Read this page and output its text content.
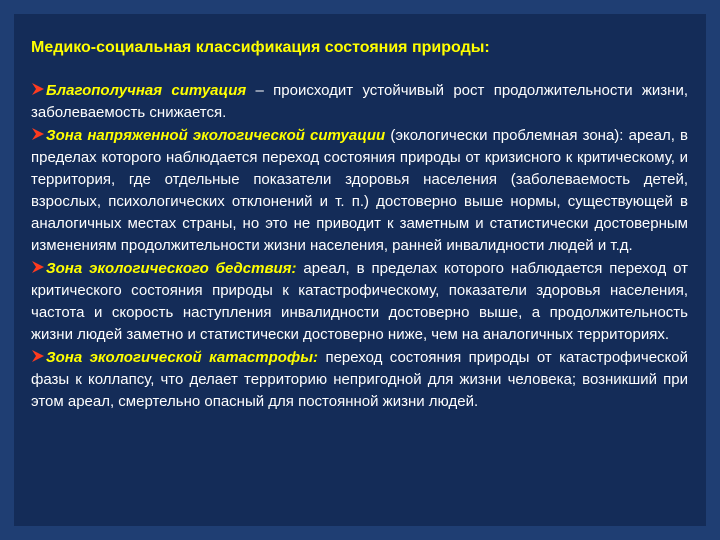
Медико-социальная классификация состояния природы:

Благополучная ситуация – происходит устойчивый рост продолжительности жизни, заболеваемость снижается.

Зона напряженной экологической ситуации (экологически проблемная зона): ареал, в пределах которого наблюдается переход состояния природы от кризисного к критическому, и территория, где отдельные показатели здоровья населения (заболеваемость детей, взрослых, психологических отклонений и т. п.) достоверно выше нормы, существующей в аналогичных местах страны, но это не приводит к заметным и статистически достоверным изменениям продолжительности жизни населения, ранней инвалидности людей и т.д.

Зона экологического бедствия: ареал, в пределах которого наблюдается переход от критического состояния природы к катастрофическому, показатели здоровья населения, частота и скорость наступления инвалидности достоверно выше, а продолжительность жизни людей заметно и статистически достоверно ниже, чем на аналогичных территориях.

Зона экологической катастрофы: переход состояния природы от катастрофической фазы к коллапсу, что делает территорию непригодной для жизни человека; возникший при этом ареал, смертельно опасный для постоянной жизни людей.
